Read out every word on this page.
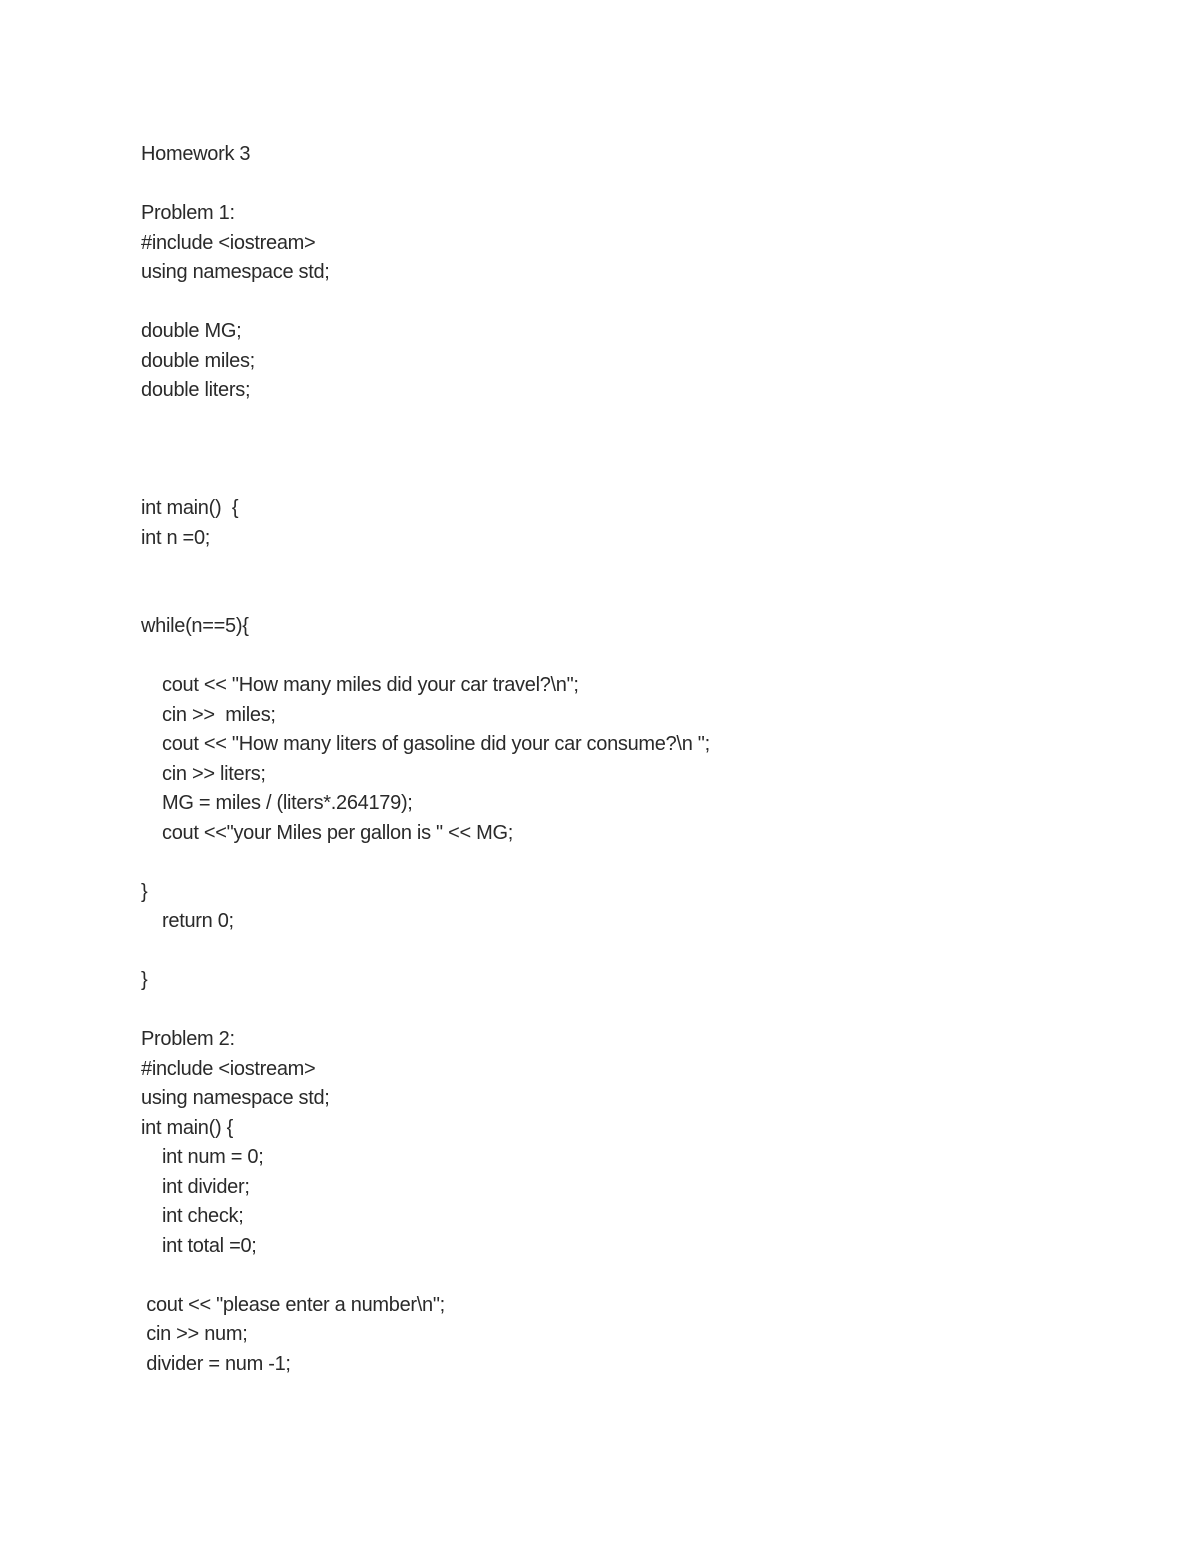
Homework 3
Problem 1:
#include <iostream>
using namespace std;
double MG;
double miles;
double liters;
int main()  {
int n =0;
while(n==5){
cout << "How many miles did your car travel?\n";
cin >>  miles;
cout << "How many liters of gasoline did your car consume?\n ";
cin >> liters;
MG = miles / (liters*.264179);
cout <<"your Miles per gallon is " << MG;
}
return 0;
}
Problem 2:
#include <iostream>
using namespace std;
int main() {
int num = 0;
int divider;
int check;
int total =0;
cout << "please enter a number\n";
cin >> num;
divider = num -1;
